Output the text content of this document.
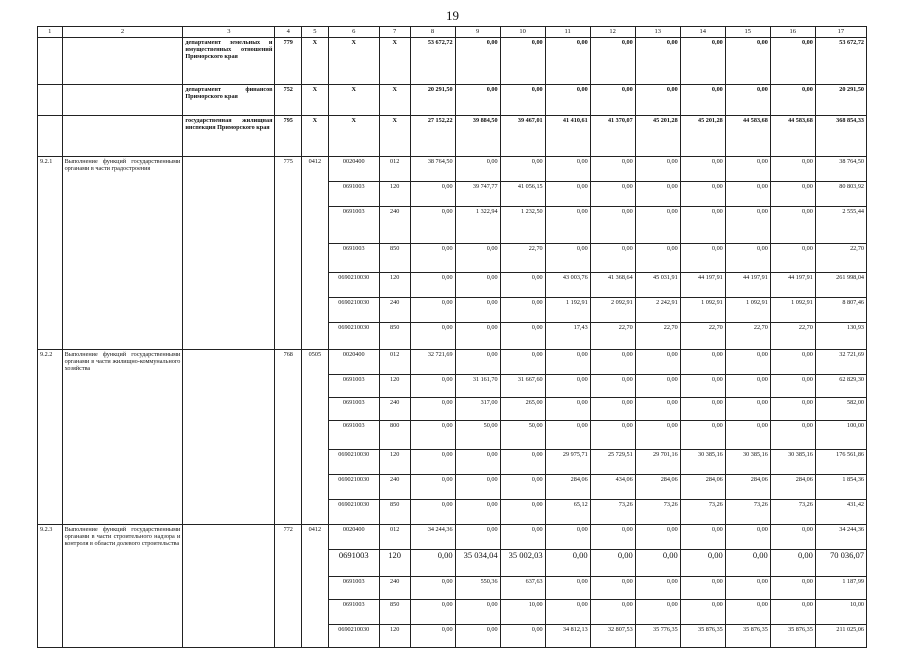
19
1	2	3	4	5	6	7	8	9	10	11	12	13	14	15	16	17
		департамент земельных и имущественных отношений Приморского края	779	X	X	X	53 672,72	0,00	0,00	0,00	0,00	0,00	0,00	0,00	0,00	53 672,72
		департамент финансов Приморского края	752	X	X	X	20 291,50	0,00	0,00	0,00	0,00	0,00	0,00	0,00	0,00	20 291,50
		государственная жилищная инспекция Приморского края	795	X	X	X	27 152,22	39 884,50	39 467,01	41 410,61	41 370,07	45 201,28	45 201,28	44 583,68	44 583,68	368 854,33
9.2.1	Выполнение функций государственными органами в части градостроения		775	0412	0020400	012	38 764,50	0,00	0,00	0,00	0,00	0,00	0,00	0,00	0,00	38 764,50
					0691003	120	0,00	39 747,77	41 056,15	0,00	0,00	0,00	0,00	0,00	0,00	80 803,92
					0691003	240	0,00	1 322,94	1 232,50	0,00	0,00	0,00	0,00	0,00	0,00	2 555,44
					0691003	850	0,00	0,00	22,70	0,00	0,00	0,00	0,00	0,00	0,00	22,70
					0690210030	120	0,00	0,00	0,00	43 003,76	41 368,64	45 031,91	44 197,91	44 197,91	44 197,91	261 998,04
					0690210030	240	0,00	0,00	0,00	1 192,91	2 092,91	2 242,91	1 092,91	1 092,91	1 092,91	8 807,46
					0690210030	850	0,00	0,00	0,00	17,43	22,70	22,70	22,70	22,70	22,70	130,93
9.2.2	Выполнение функций государственными органами в части жилищно-коммунального хозяйства		768	0505	0020400	012	32 721,69	0,00	0,00	0,00	0,00	0,00	0,00	0,00	0,00	32 721,69
					0691003	120	0,00	31 161,70	31 667,60	0,00	0,00	0,00	0,00	0,00	0,00	62 829,30
					0691003	240	0,00	317,00	265,00	0,00	0,00	0,00	0,00	0,00	0,00	582,00
					0691003	800	0,00	50,00	50,00	0,00	0,00	0,00	0,00	0,00	0,00	100,00
					0690210030	120	0,00	0,00	0,00	29 975,71	25 729,51	29 701,16	30 385,16	30 385,16	30 385,16	176 561,86
					0690210030	240	0,00	0,00	0,00	284,06	434,06	284,06	284,06	284,06	284,06	1 854,36
					0690210030	850	0,00	0,00	0,00	65,12	73,26	73,26	73,26	73,26	73,26	431,42
9.2.3	Выполнение функций государственными органами в части строительного надзора и контроля в области долевого строительства		772	0412	0020400	012	34 244,36	0,00	0,00	0,00	0,00	0,00	0,00	0,00	0,00	34 244,36
					0691003	120	0,00	35 034,04	35 002,03	0,00	0,00	0,00	0,00	0,00	0,00	70 036,07
					0691003	240	0,00	550,36	637,63	0,00	0,00	0,00	0,00	0,00	0,00	1 187,99
					0691003	850	0,00	0,00	10,00	0,00	0,00	0,00	0,00	0,00	0,00	10,00
					0690210030	120	0,00	0,00	0,00	34 812,13	32 807,53	35 776,35	35 876,35	35 876,35	35 876,35	211 025,06
